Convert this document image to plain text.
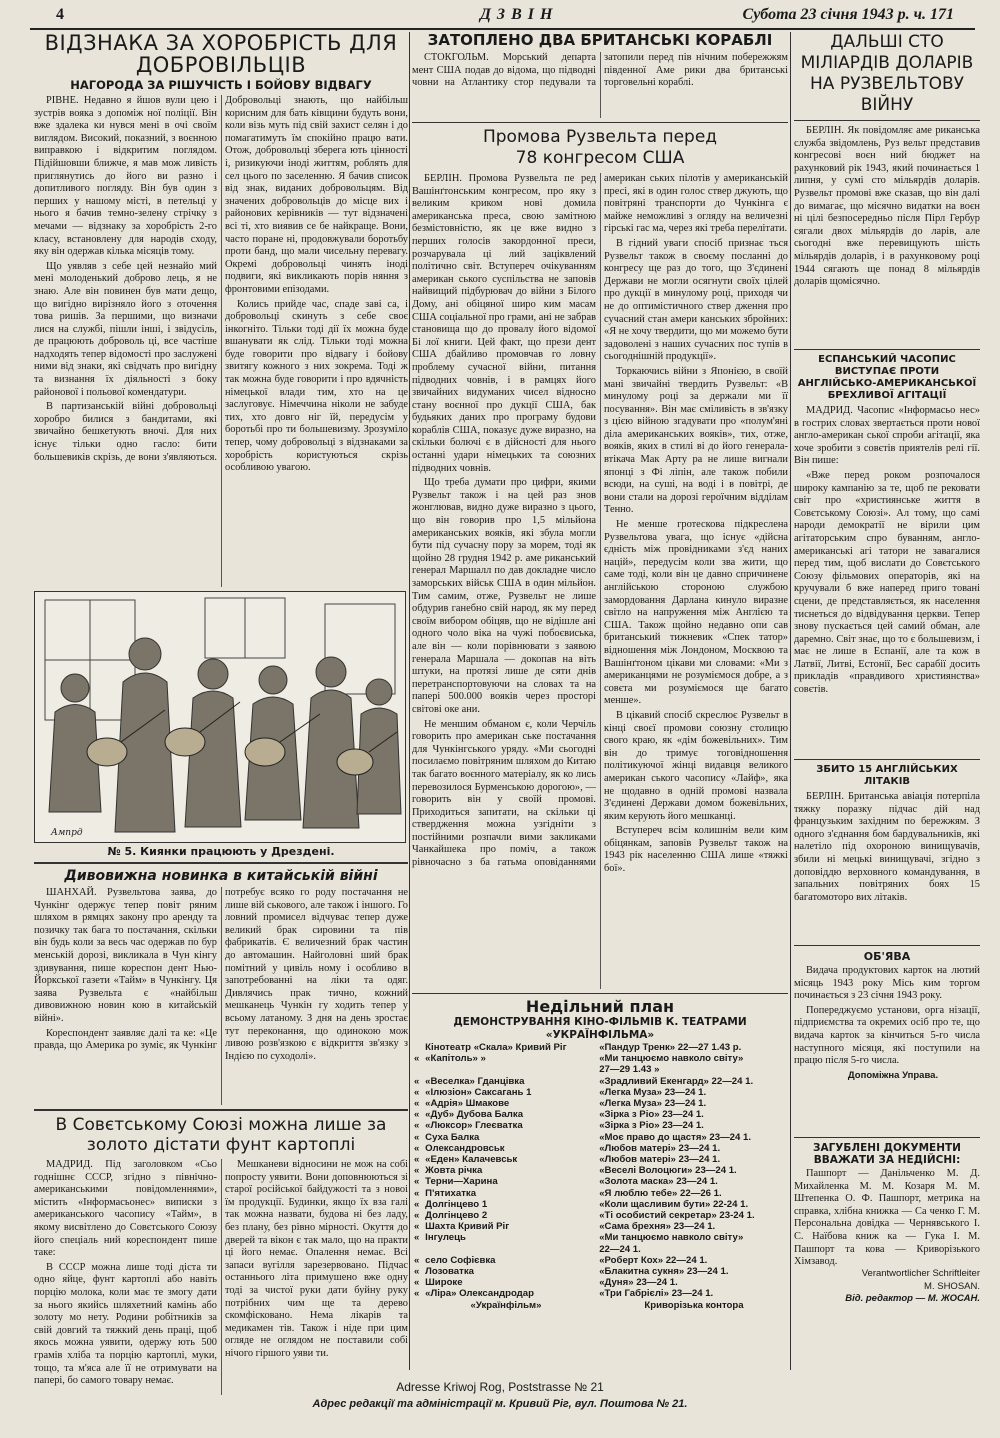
4	ДЗВІН	Субота 23 січня 1943 р. ч. 171
ВІДЗНАКА ЗА ХОРОБРІСТЬ ДЛЯ ДОБРОВІЛЬЦІВ
НАГОРОДА ЗА РІШУЧІСТЬ І БОЙОВУ ВІДВАГУ

РІВНЕ. Недавно я йшов вули цею і зустрів вояка з допоміж ної поліції. Він вже здалека ки нувся мені в очі своїм виглядом. Високий, показний, з воєнною виправкою і відкритим поглядом. Підійшовши ближче, я мав мож ливість приглянутись до його ви разно і допитливого погляду. Він був один з перших у нашому місті, в петельці у нього я бачив темно-зелену стрічку з мечами — відзнаку за хоробрість 2-го класу, встановлену для народів сходу, яку він одержав кілька місяців тому.

Що уявляв з себе цей незнайо мий мені молоденький доброво лець, я не знаю. Але він повинен був мати дещо, що вигідно вирізняло його з оточення това ришів. За першими, що визначи лися на службі, пішли інші, і звідусіль, де працюють доброволь ці, все частіше надходять тепер відомості про заслужені ними від знаки, які свідчать про вигідну та визнання їх діяльності з боку районової і польової комендатури.

В партизанській війні добровольці хоробро билися з бандитами, які звичайно бешкетують вночі. Для них існує тільки одно гасло: бити большевиків скрізь, де вони з'являються. Добровольці знають, що найбільш корисним для бать ківщини будуть вони, коли візь муть під свій захист селян і до помагатимуть їм спокійно працю вати. Отож, добровольці зберега ють цінності і, ризикуючи іноді життям, роблять для сел цього по заселенню. Я бачив список від знак, виданих добровольцям. Від значених добровольців до місце вих і районових керівників — тут відзначені всі ті, хто виявив се бе найкраще. Вони, часто поране ні, продовжували боротьбу проти банд, що мали чисельну перевагу. Окремі добровольці чинять іноді подвиги, які викликають порів няння з фронтовими епізодами.

Колись прийде час, спаде заві са, і добровольці скинуть з себе своє інкогніто. Тільки тоді дії їх можна буде вшанувати як слід. Тільки тоді можна буде говорити про відвагу і бойову звитягу кожного з них зокрема. Тоді ж так можна буде говорити і про вдячність німецької влади тим, хто на це заслуговує. Німеччина ніколи не забуде тих, хто довго ніг їй, передусім у боротьбі про ти большевизму. Зрозуміло тепер, чому добровольці з відзнаками за хоробрість користуються скрізь особливою увагою.

Ампрд
№ 5. Киянки працюють у Дрездені.
Дивовижна новинка в китайській війні

ШАНХАЙ. Рузвельтова заява, до Чункінг одержує тепер повіт ряним шляхом в рямцях закону про аренду та позичку так бага то постачання, скільки він будь коли за весь час одержав по бур менській дорозі, викликала в Чун кінгу здивування, пише кореспон дент Нью-Йоркської газети «Тайм» в Чункінгу. Ця заява Рузвельта є «найбільш дивовижною новин кою в китайській війні».

Кореспондент заявляє далі та ке: «Це правда, що Америка ро зуміє, як Чункінг потребує всяко го роду постачання не лише вій ськового, але також і іншого. Го ловний промисел відчуває тепер дуже великий брак сировини та пів фабрикатів. Є величезний брак частин до автомашин. Найголовні ший брак помітний у цивіль ному і особливо в запотребованні на ліки та одяг. Дивлячись прак тично, кожний мешканець Чункін гу ходить тепер у всьому латаному. З дня на день зростає тут переконання, що одинокою мож ливою розв'язкою є відкриття зв'язку з Індією по суходолі».

В Совєтському Союзі можна лише за золото дістати фунт картоплі

МАДРИД. Під заголовком «Сьо годнішнє СССР, згідно з північно-американськими повідомленнями», містить «Інформасьонес» виписки з американського часопису «Тайм», в якому висвітлено до Совєтського Союзу його спеціаль ний кореспондент пише таке:

В СССР можна лише тоді діста ти одно яйце, фунт картоплі або навіть порцію молока, коли має те змогу дати за нього якийсь шляхетний камінь або золоту мо нету. Родини робітників за свій довгий та тяжкий день праці, щоб якось можна уявити, одержу ють 500 грамів хліба та порцію картоплі, муки, тощо, та м'яса але її не отримувати на папері, бо самого товару немає.

Мешканеви відносини не мож на собі попросту уявити. Вони доповнюються зі старої російської байдужості та з новоі їм продукції. Будинки, якщо їх вза галі так можна назвати, будова ні без ладу, без плану, без рівно мірності. Окуття до дверей та вікон є так мало, що на практи ці його немає. Опалення немає. Всі запаси вугілля зарезервовано. Підчас останнього літа примушено вже одну тоді за чистої руки дати буйну руку потрібних чим ще та дерево скомфісковано. Нема лікарів та медикамен тів. Також і ніде при цим огляде не оглядом не поставили собі нічого гіршого уяви ти.

ЗАТОПЛЕНО ДВА БРИТАНСЬКІ КОРАБЛІ

СТОКГОЛЬМ. Морський департа мент США подав до відома, що підводні човни на Атлантику стор педували та затопили перед пів нічним побережжям південної Аме рики два британські торговельні кораблі.

Промова Рузвельта перед 78 конгресом США

БЕРЛІН. Промова Рузвельта пе ред Вашінґтонським конгресом, про яку з великим криком нові домила американська преса, свою замітною безмістовністю, як це вже видно з перших голосів закордонної преси, розчарувала ці лий заціквлений політично світ. Вступереч очікуванням американ ського суспільства не заповів найвищий підбурювач до війни з Білого Дому, ані обіцяної шиpo ким масам США соціальної про грами, ані не забрав становища що до провалу його відомої Бі лої книги. Цей факт, що прези дент США дбайливо промовчав го ловну проблему сучасної війни, питання підводних човнів, і в рамцях його звичайних видуманих чисел відносно стану воєнної про дукції США, бак будьяких даних про програму будови кораблів США, показує дуже виразно, на скільки болючі є в дійсності для нього останні удари німецьких та союзних підводних човнів.

Що треба думати про цифри, якими Рузвельт також і на цей раз знов жонглював, видно дуже виразно з цього, що він говорив про 1,5 мільйона американських вояків, які збула могли бути під сучасну пору за морем, тоді як щойно 28 грудня 1942 р. аме риканський генерал Маршалл по дав докладне число заморських військ США в один мільйон. Тим самим, отже, Рузвельт не лише обдурив ганебно свій народ, як му перед своїм вибором обіцяв, що не відішле ані одного чоло віка на чужі побоєвиська, але він — коли порівнювати з заявою генерала Маршала — докопав на віть штуки, на протязі лише де сяти днів перетранспортовуючи на словах та на папері 500.000 вояків через просторі світові оке ани.

Не меншим обманом є, коли Черчіль говорить про американ ське постачання для Чункінгського уряду. «Ми сьогодні посилаємо повітряним шляхом до Китаю так багато воєнного матеріалу, як ко лись перевозилося Бурменською дорогою», — говорить він у своїй промові. Приходиться запитати, на скільки ці ствердження можна узгідніти з постійними розпачли вими закликами Чанкайшека про поміч, а також рівночасно з ба гатьма оповіданнями американ ських пілотів у американській пресі, які в один голос ствер джують, що повітряні транспорти до Чункінга є майже неможливі з огляду на величезні гірські гас ма, через які треба перелітати.

В гідний уваги спосіб признає ться Рузвельт також в своєму посланні до конгресу ще раз до того, що З'єдинені Держави не могли осягнути своїх цілей про дукції в минулому році, приходя чи не до оптимістичного ствер дження про сучасний стан амери канських збройних: «Я не хочу твердити, що ми можемо бути задоволені з наших сучасних пос тупів в сьогоднішній продукції».

Торкаючись війни з Японією, в своїй мані звичайні твердить Рузвельт: «В минулому році за держали ми її посування». Він має сміливість в зв'язку з цією війною згадувати про «полум'яні діла американських вояків», тих, отже, вояків, яких в стилі ві до його генерала-втікача Мак Арту ра не лише вигнали японці з Фі ліпін, але також побили всюди, на суші, на воді і в повітрі, де вони стали на дорозі героїчним відділам Тенно.

Не менше гротескова підкреслена Рузвельтова увага, що існує «дійсна єдність між провідниками з'єд наних націй», передусім коли зва жити, що саме тоді, коли він це давно спричинене англійською стороною службою замордовання Дарлана кинуло виразне світло на напруження між Англією та США. Також щойно недавно опи сав британський тижневик «Спек татор» відношення між Лондоном, Москвою та Вашінґтоном цікави ми словами: «Ми з американцями не розуміємося добре, а з совєта ми розуміємося ще багато менше».

В цікавий спосіб скреслює Рузвельт в кінці своєї промови союзну столицю свого краю, як «дім божевільних». Тим він до тримує тоговідношення політикуючої жінці видавця великого американ ського часопису «Лайф», яка не щодавно в одній промові назвала З'єдинені Держави домом божевільних, яким керують його мешканці.

Вступереч всім колишнім вели ким обіцянкам, заповів Рузвельт також на 1943 рік населенню США лише «тяжкі бої».

Недільний план
ДЕМОНСТРУВАННЯ КІНО-ФІЛЬМІВ К. ТЕАТРАМИ «УКРАЇНФІЛЬМА»
	Кінотеатр «Скала» Кривий Ріг	«Пандур Тренк» 22—27 1.43 р.
«	«Капітоль» »	«Ми танцюємо навколо світу»
		27—29 1.43 »
«	«Веселка» Гданцівка	«Зрадливий Екенгард» 22—24 1.
«	«Ілюзіон» Саксагань 1	«Легка Муза» 23—24 1.
«	«Адрія» Шмакове	«Легка Муза» 23—24 1.
«	«Дуб» Дубова Балка	«Зірка з Ріо» 23—24 1.
«	«Люксор» Глеєватка	«Зірка з Ріо» 23—24 1.
«	Суха Балка	«Моє право до щастя» 23—24 1.
«	Олександровськ	«Любов матері» 23—24 1.
«	«Еден» Калачевськ	«Любов матері» 23—24 1.
«	Жовта річка	«Веселі Волоцюги» 23—24 1.
«	Терни—Харина	«Золота маска» 23—24 1.
«	П'ятихатка	«Я люблю тебе» 22—26 1.
«	Долгінцево 1	«Коли щасливим бути» 22-24 1.
«	Долгінцево 2	«Ті особистий секретар» 23-24 1.
«	Шахта Кривий Ріг	«Сама брехня» 23—24 1.
«	Інгулець	«Ми танцюємо навколо світу»
		22—24 1.
«	село Софієвка	«Роберт Кох» 22—24 1.
«	Лозоватка	«Блакитна сукня» 23—24 1.
«	Широке	«Дуня» 23—24 1.
«	«Ліра» Олександродар	«Три Габрієлі» 23—24 1.
«Українфільм»	Криворізька контора
ДАЛЬШІ СТО МІЛІАРДІВ ДОЛАРІВ НА РУЗВЕЛЬТОВУ ВІЙНУ

БЕРЛІН. Як повідомляє аме риканська служба звідомлень, Руз вельт представив конгресові воєн ний бюджет на рахунковий рік 1943, який починається 1 липня, у сумі сто мільярдів доларів. Рузвельт промові вже сказав, що він далі до вимагає, що місячно видатки на воєн ні цілі безпосередньо після Пірл Гербур сягали двох мільярдів до ларів, але сьогодні вже перевищують шість мільярдів доларів, і в рахунковому році 1944 сягають ще понад 8 мільярдів доларів щомісячно.

ЕСПАНСЬКИЙ ЧАСОПИС ВИСТУПАЄ ПРОТИ АНГЛІЙСЬКО-АМЕРИКАНСЬКОЇ БРЕХЛИВОЇ АГІТАЦІЇ

МАДРИД. Часопис «Інформасьо нес» в гострих словах звертається проти нової англо-американ ської спроби агітації, яка хоче зробити з совєтів приятелів релі гії. Він пише:

«Вже перед роком розпочалося широку кампанію за те, щоб пе рековати світ про «християнське життя в Совєтському Союзі». Ал тому, що самі народи демократії не вірили цим агітаторським спро буванням, англо-американські агі татори не завагалися перед тим, щоб вислати до Совєтського Союзу фільмових операторів, які на кручували б вже наперед приго товані сцени, де представляється, як населення тиснеться до відвідування церкви. Тепер знову пускається цей самий обман, але даремно. Світ знає, що то є большевизм, і має не лише в Еспанії, але та кож в Латвії, Литві, Естонії, Бес сарабії досить прикладів «правдивого християнства» совєтів.

ЗБИТО 15 АНГЛІЙСЬКИХ ЛІТАКІВ

БЕРЛІН. Британська авіація потерпіла тяжку поразку підчас дій над французьким західним по бережжям. З одного з'єднання бом бардувальників, які налетіло під охороною винищувачів, збили ні мецькі винищувачі, згідно з доповіддю верховного командування, в запальних повітряних боях 15 багатомоторо вих літаків.

ОБ'ЯВА

Видача продуктових карток на лютий місяць 1943 року Місь ким торгом починається з 23 січня 1943 року.

Попереджуємо установи, орга нізації, підприємства та окремих осіб про те, що видача карток за кінчиться 5-го числа наступного місяця, які поступили на працю після 5-го числа.

Допоміжна Управа.

ЗАГУБЛЕНІ ДОКУМЕНТИ ВВАЖАТИ ЗА НЕДІЙСНІ:

Пашпорт — Данільченко М. Д. Михайленка М. М. Козаря М. М. Штепенка О. Ф. Пашпорт, метрика на справка, хлібна книжка — Са ченко Г. М. Персональна довідка — Чернявського І. С. Наїбова книж ка — Гука І. М. Пашпорт та кова — Криворізького Хімзавод.

Verantwortlicher Schriftleiter

M. SHOSAN.

Від. редактор — М. ЖОСАН.

Adresse Kriwoj Rog, Poststrasse № 21
Адрес редакції та адміністрації м. Кривий Ріг, вул. Поштова № 21.
